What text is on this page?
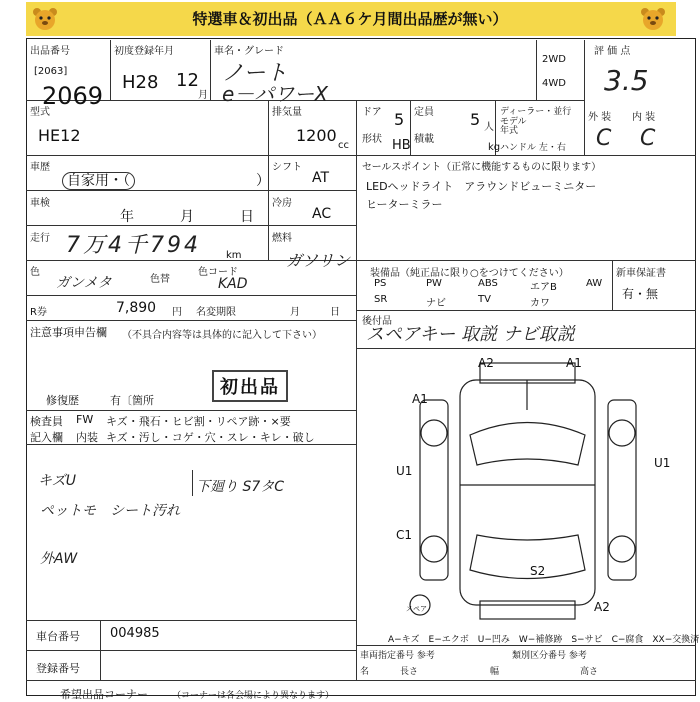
特選車＆初出品（ＡＡ６ケ月間出品歴が無い）
出品番号
[2063]
2069
初度登録年月
H28 12
月
車名・グレード
ノート
e－パワーX
2WD
4WD
評 価 点
3.5
型式
HE12
排気量
1200
cc
ドア 5 定員 5 人
形状 HB 積載
kg
ディーラー・並行
モデル 年式
ハンドル 左・右
外 装 内 装
C C
車歴
自家用・（	）
シフト
AT
車検
年	月	日
冷房
AC
走行 7万4千794	km
燃料
ガソリン
色
ガンメタ	色替
色コード
KAD
R券	7,890 円 名変期限	月	日
セールスポイント（正常に機能するものに限ります）
LEDヘッドライト　アラウンドビューミニター
ヒーターミラー
装備品（純正品に限り○をつけてください）
PS	PW	ABS	エアB	AW
SR	ナビ	TV	カワ
新車保証書
有・無
後付品
スペアキー 取説 ナビ取説
注意事項申告欄 （不具合内容等は具体的に記入して下さい）
修復歴	有〔箇所
初出品
検査員
記入欄
FW キズ・飛石・ヒビ割・リペア跡・×要
内装 キズ・汚し・コゲ・穴・スレ・キレ・破し
キズU
ペットモ　シート汚れ
外AW
下廻り S7タC
A2	A1
A1
U1
U1
C1
S2
A2
スペア
A−キズ　E−エクボ　U−凹み　W−補修跡　S−サビ　C−腐食　XX−交換済
車台番号 004985
登録番号
車両指定番号 参考	類別区分番号 参考
名	長さ	幅	高さ
希望出品コーナー	（コーナーは各会場により異なります）
